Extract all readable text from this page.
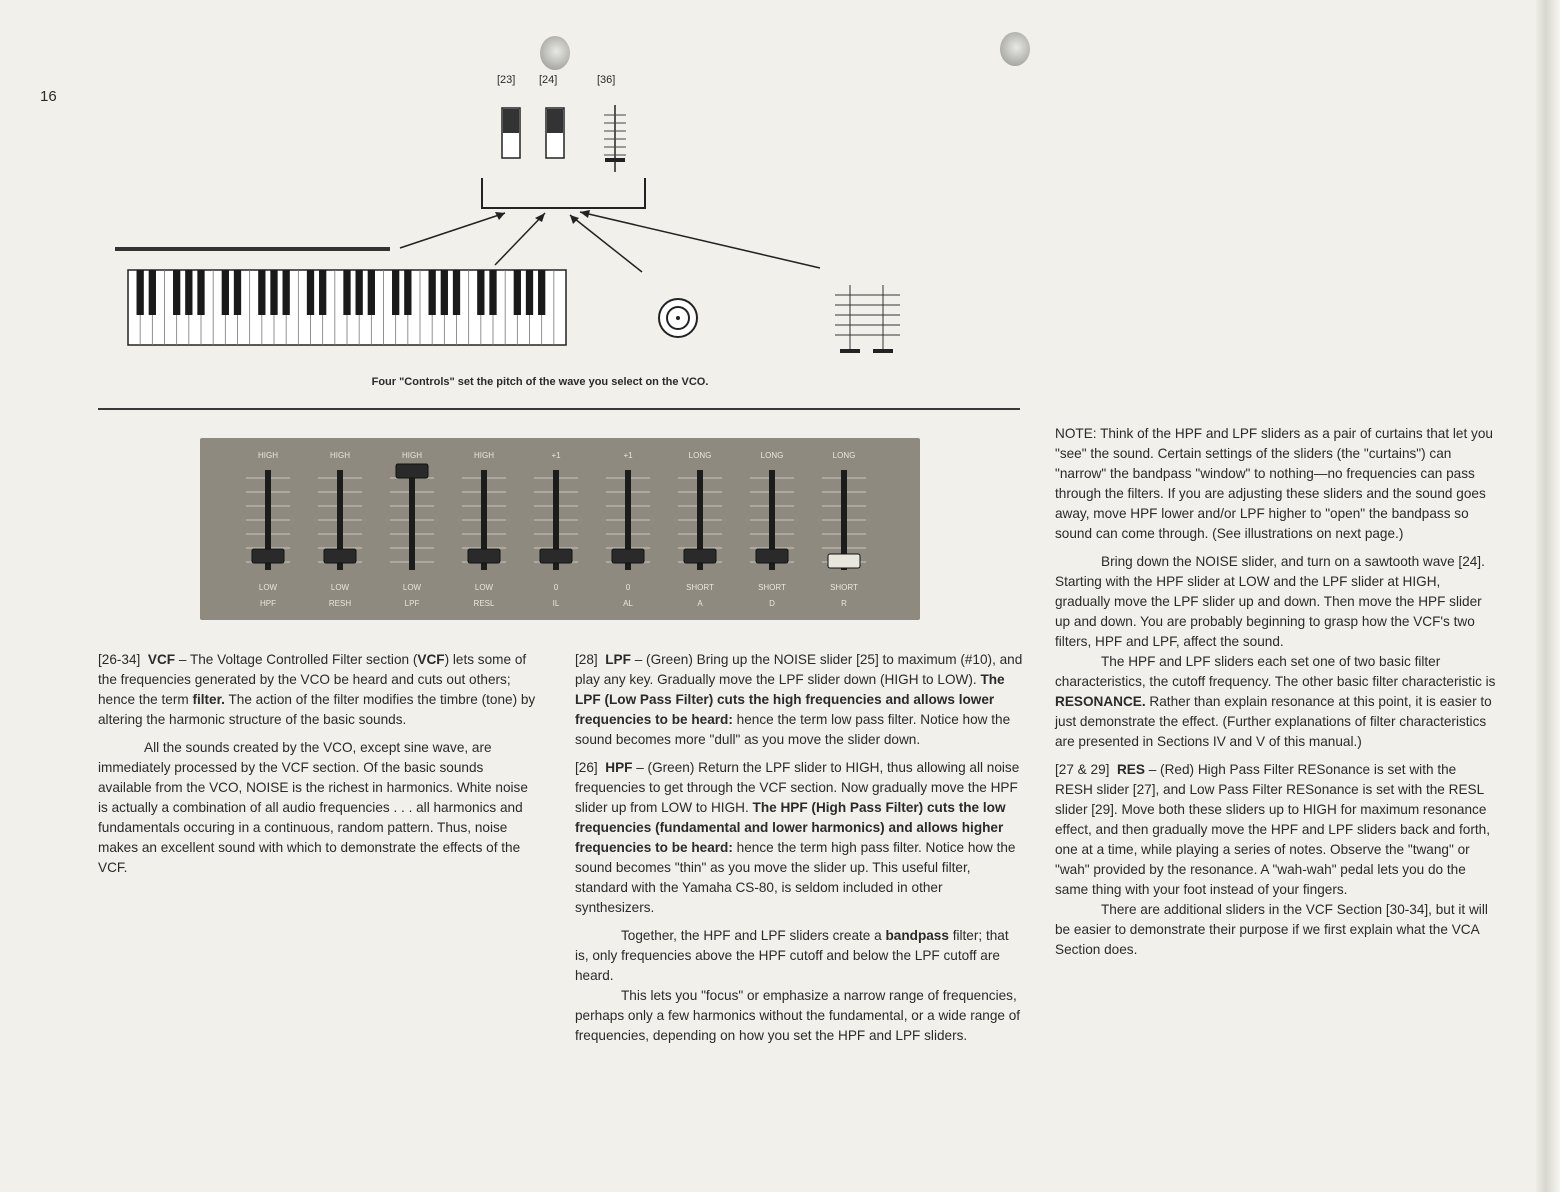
16
[23] [24]	[36]
Four "Controls" set the pitch of the wave you select on the VCO.
HIGH
LOW
HPF
HIGH
LOW
RESH
HIGH
LOW
LPF
HIGH
LOW
RESL
+1
0
IL
+1
0
AL
LONG
SHORT
A
LONG
SHORT
D
LONG
SHORT
R

[26-34] VCF – The Voltage Controlled Filter section (VCF) lets some of the frequencies generated by the VCO be heard and cuts out others; hence the term filter. The action of the filter modifies the timbre (tone) by altering the harmonic structure of the basic sounds.

All the sounds created by the VCO, except sine wave, are immediately processed by the VCF section. Of the basic sounds available from the VCO, NOISE is the richest in harmonics. White noise is actually a combination of all audio frequencies . . . all harmonics and fundamentals occuring in a continuous, random pattern. Thus, noise makes an excellent sound with which to demonstrate the effects of the VCF.

[28] LPF – (Green) Bring up the NOISE slider [25] to maximum (#10), and play any key. Gradually move the LPF slider down (HIGH to LOW). The LPF (Low Pass Filter) cuts the high frequencies and allows lower frequencies to be heard: hence the term low pass filter. Notice how the sound becomes more "dull" as you move the slider down.

[26] HPF – (Green) Return the LPF slider to HIGH, thus allowing all noise frequencies to get through the VCF section. Now gradually move the HPF slider up from LOW to HIGH. The HPF (High Pass Filter) cuts the low frequencies (fundamental and lower harmonics) and allows higher frequencies to be heard: hence the term high pass filter. Notice how the sound becomes "thin" as you move the slider up. This useful filter, standard with the Yamaha CS-80, is seldom included in other synthesizers.

Together, the HPF and LPF sliders create a bandpass filter; that is, only frequencies above the HPF cutoff and below the LPF cutoff are heard.

This lets you "focus" or emphasize a narrow range of frequencies, perhaps only a few harmonics without the fundamental, or a wide range of frequencies, depending on how you set the HPF and LPF sliders.

NOTE: Think of the HPF and LPF sliders as a pair of curtains that let you "see" the sound. Certain settings of the sliders (the "curtains") can "narrow" the bandpass "window" to nothing—no frequencies can pass through the filters. If you are adjusting these sliders and the sound goes away, move HPF lower and/or LPF higher to "open" the bandpass so sound can come through. (See illustrations on next page.)

Bring down the NOISE slider, and turn on a sawtooth wave [24]. Starting with the HPF slider at LOW and the LPF slider at HIGH, gradually move the LPF slider up and down. Then move the HPF slider up and down. You are probably beginning to grasp how the VCF's two filters, HPF and LPF, affect the sound.

The HPF and LPF sliders each set one of two basic filter characteristics, the cutoff frequency. The other basic filter characteristic is RESONANCE. Rather than explain resonance at this point, it is easier to just demonstrate the effect. (Further explanations of filter characteristics are presented in Sections IV and V of this manual.)

[27 & 29] RES – (Red) High Pass Filter RESonance is set with the RESH slider [27], and Low Pass Filter RESonance is set with the RESL slider [29]. Move both these sliders up to HIGH for maximum resonance effect, and then gradually move the HPF and LPF sliders back and forth, one at a time, while playing a series of notes. Observe the "twang" or "wah" provided by the resonance. A "wah-wah" pedal lets you do the same thing with your foot instead of your fingers.

There are additional sliders in the VCF Section [30-34], but it will be easier to demonstrate their purpose if we first explain what the VCA Section does.
